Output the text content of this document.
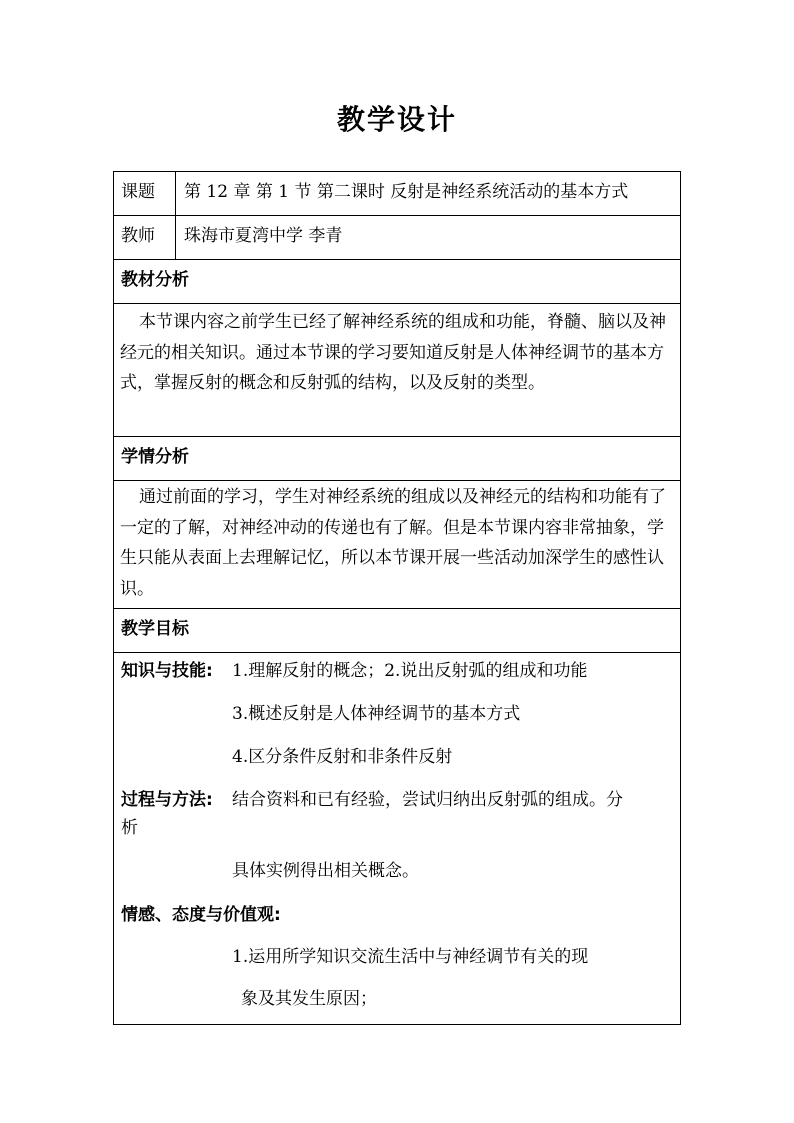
教学设计
课题 第 12 章 第 1 节 第二课时 反射是神经系统活动的基本方式
教师 珠海市夏湾中学 李青
教材分析
本节课内容之前学生已经了解神经系统的组成和功能，脊髓、脑以及神经元的相关知识。通过本节课的学习要知道反射是人体神经调节的基本方式，掌握反射的概念和反射弧的结构，以及反射的类型。
学情分析
通过前面的学习，学生对神经系统的组成以及神经元的结构和功能有了一定的了解，对神经冲动的传递也有了解。但是本节课内容非常抽象，学生只能从表面上去理解记忆，所以本节课开展一些活动加深学生的感性认识。
教学目标
知识与技能: 1.理解反射的概念；2.说出反射弧的组成和功能
3.概述反射是人体神经调节的基本方式
4.区分条件反射和非条件反射
过程与方法: 结合资料和已有经验，尝试归纳出反射弧的组成。分
析
具体实例得出相关概念。
情感、态度与价值观:
1.运用所学知识交流生活中与神经调节有关的现
象及其发生原因；
